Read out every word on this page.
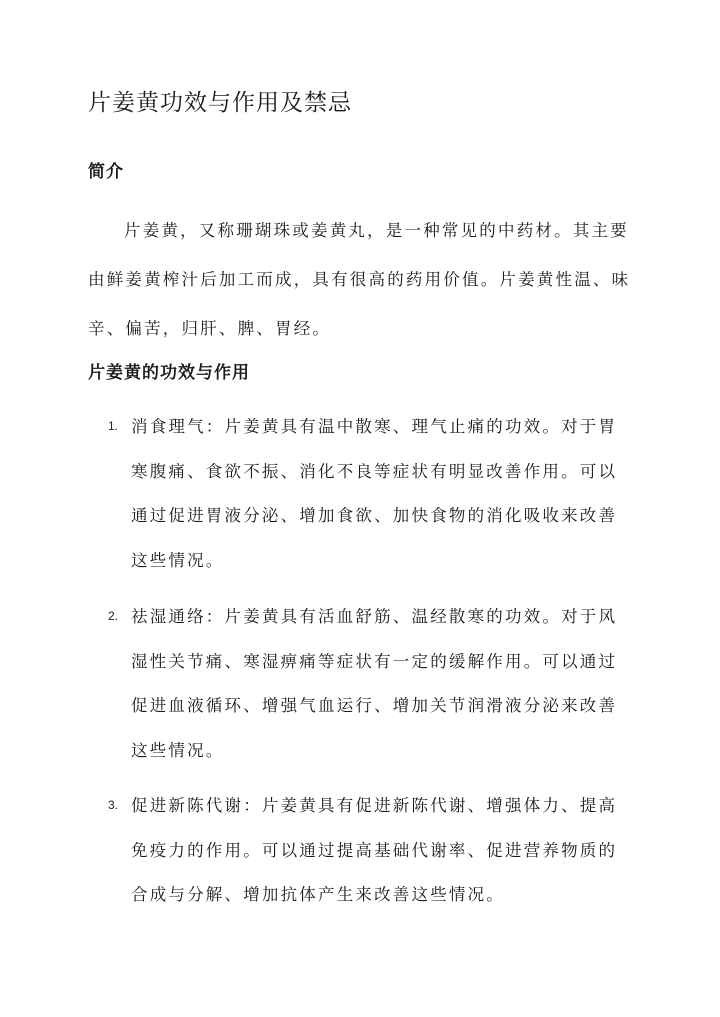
片姜黄功效与作用及禁忌
简介

片姜黄，又称珊瑚珠或姜黄丸，是一种常见的中药材。其主要由鲜姜黄榨汁后加工而成，具有很高的药用价值。片姜黄性温、味辛、偏苦，归肝、脾、胃经。

片姜黄的功效与作用
1. 消食理气：片姜黄具有温中散寒、理气止痛的功效。对于胃寒腹痛、食欲不振、消化不良等症状有明显改善作用。可以通过促进胃液分泌、增加食欲、加快食物的消化吸收来改善这些情况。

2. 祛湿通络：片姜黄具有活血舒筋、温经散寒的功效。对于风湿性关节痛、寒湿痹痛等症状有一定的缓解作用。可以通过促进血液循环、增强气血运行、增加关节润滑液分泌来改善这些情况。

3. 促进新陈代谢：片姜黄具有促进新陈代谢、增强体力、提高免疫力的作用。可以通过提高基础代谢率、促进营养物质的合成与分解、增加抗体产生来改善这些情况。
